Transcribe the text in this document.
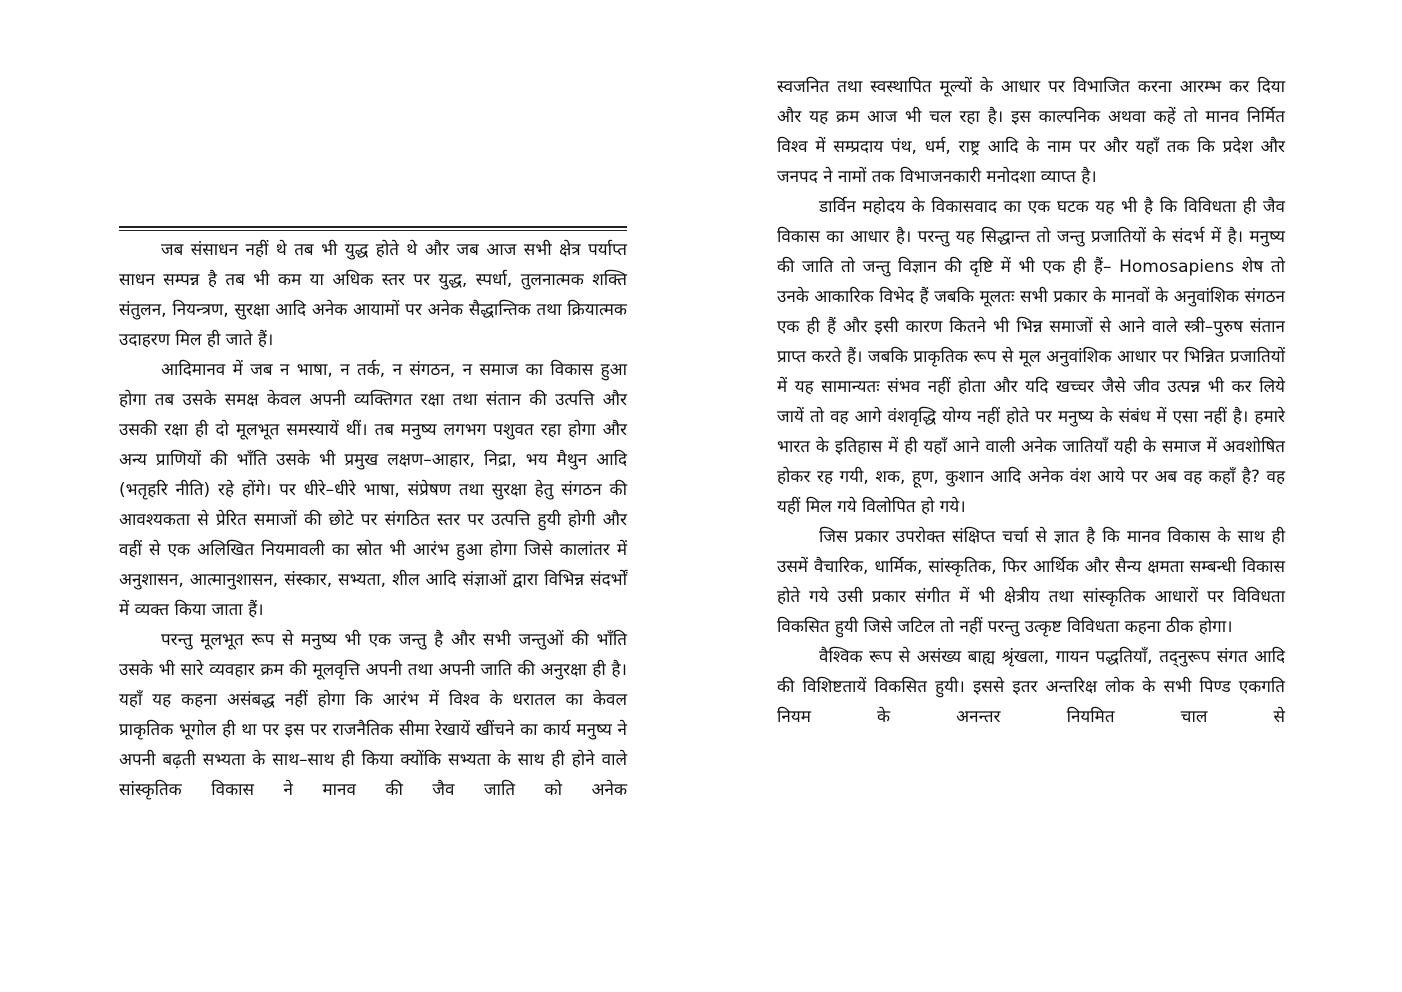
जब संसाधन नहीं थे तब भी युद्ध होते थे और जब आज सभी क्षेत्र पर्याप्त साधन सम्पन्न है तब भी कम या अधिक स्तर पर युद्ध, स्पर्धा, तुलनात्मक शक्ति संतुलन, नियन्त्रण, सुरक्षा आदि अनेक आयामों पर अनेक सैद्धान्तिक तथा क्रियात्मक उदाहरण मिल ही जाते हैं।

आदिमानव में जब न भाषा, न तर्क, न संगठन, न समाज का विकास हुआ होगा तब उसके समक्ष केवल अपनी व्यक्तिगत रक्षा तथा संतान की उत्पत्ति और उसकी रक्षा ही दो मूलभूत समस्यायें थीं। तब मनुष्य लगभग पशुवत रहा होगा और अन्य प्राणियों की भाँति उसके भी प्रमुख लक्षण–आहार, निद्रा, भय मैथुन आदि (भतृहरि नीति) रहे होंगे। पर धीरे–धीरे भाषा, संप्रेषण तथा सुरक्षा हेतु संगठन की आवश्यकता से प्रेरित समाजों की छोटे पर संगठित स्तर पर उत्पत्ति हुयी होगी और वहीं से एक अलिखित नियमावली का स्रोत भी आरंभ हुआ होगा जिसे कालांतर में अनुशासन, आत्मानुशासन, संस्कार, सभ्यता, शील आदि संज्ञाओं द्वारा विभिन्न संदर्भों में व्यक्त किया जाता हैं।

परन्तु मूलभूत रूप से मनुष्य भी एक जन्तु है और सभी जन्तुओं की भाँति उसके भी सारे व्यवहार क्रम की मूलवृत्ति अपनी तथा अपनी जाति की अनुरक्षा ही है। यहाँ यह कहना असंबद्ध नहीं होगा कि आरंभ में विश्व के धरातल का केवल प्राकृतिक भूगोल ही था पर इस पर राजनैतिक सीमा रेखायें खींचने का कार्य मनुष्य ने अपनी बढ़ती सभ्यता के साथ–साथ ही किया क्योंकि सभ्यता के साथ ही होने वाले सांस्कृतिक विकास ने मानव की जैव जाति को अनेक

स्वजनित तथा स्वस्थापित मूल्यों के आधार पर विभाजित करना आरम्भ कर दिया और यह क्रम आज भी चल रहा है। इस काल्पनिक अथवा कहें तो मानव निर्मित विश्व में सम्प्रदाय पंथ, धर्म, राष्ट्र आदि के नाम पर और यहाँ तक कि प्रदेश और जनपद ने नामों तक विभाजनकारी मनोदशा व्याप्त है।

डार्विन महोदय के विकासवाद का एक घटक यह भी है कि विविधता ही जैव विकास का आधार है। परन्तु यह सिद्धान्त तो जन्तु प्रजातियों के संदर्भ में है। मनुष्य की जाति तो जन्तु विज्ञान की दृष्टि में भी एक ही हैं– Homosapiens शेष तो उनके आकारिक विभेद हैं जबकि मूलतः सभी प्रकार के मानवों के अनुवांशिक संगठन एक ही हैं और इसी कारण कितने भी भिन्न समाजों से आने वाले स्त्री–पुरुष संतान प्राप्त करते हैं। जबकि प्राकृतिक रूप से मूल अनुवांशिक आधार पर भिन्नित प्रजातियों में यह सामान्यतः संभव नहीं होता और यदि खच्चर जैसे जीव उत्पन्न भी कर लिये जायें तो वह आगे वंशवृद्धि योग्य नहीं होते पर मनुष्य के संबंध में एसा नहीं है। हमारे भारत के इतिहास में ही यहाँ आने वाली अनेक जातियाँ यही के समाज में अवशोषित होकर रह गयी, शक, हूण, कुशान आदि अनेक वंश आये पर अब वह कहाँ है? वह यहीं मिल गये विलोपित हो गये।

जिस प्रकार उपरोक्त संक्षिप्त चर्चा से ज्ञात है कि मानव विकास के साथ ही उसमें वैचारिक, धार्मिक, सांस्कृतिक, फिर आर्थिक और सैन्य क्षमता सम्बन्धी विकास होते गये उसी प्रकार संगीत में भी क्षेत्रीय तथा सांस्कृतिक आधारों पर विविधता विकसित हुयी जिसे जटिल तो नहीं परन्तु उत्कृष्ट विविधता कहना ठीक होगा।

वैश्विक रूप से असंख्य बाह्य श्रृंखला, गायन पद्धतियाँ, तद्नुरूप संगत आदि की विशिष्टतायें विकसित हुयी। इससे इतर अन्तरिक्ष लोक के सभी पिण्ड एकगति नियम के अनन्तर नियमित चाल से
